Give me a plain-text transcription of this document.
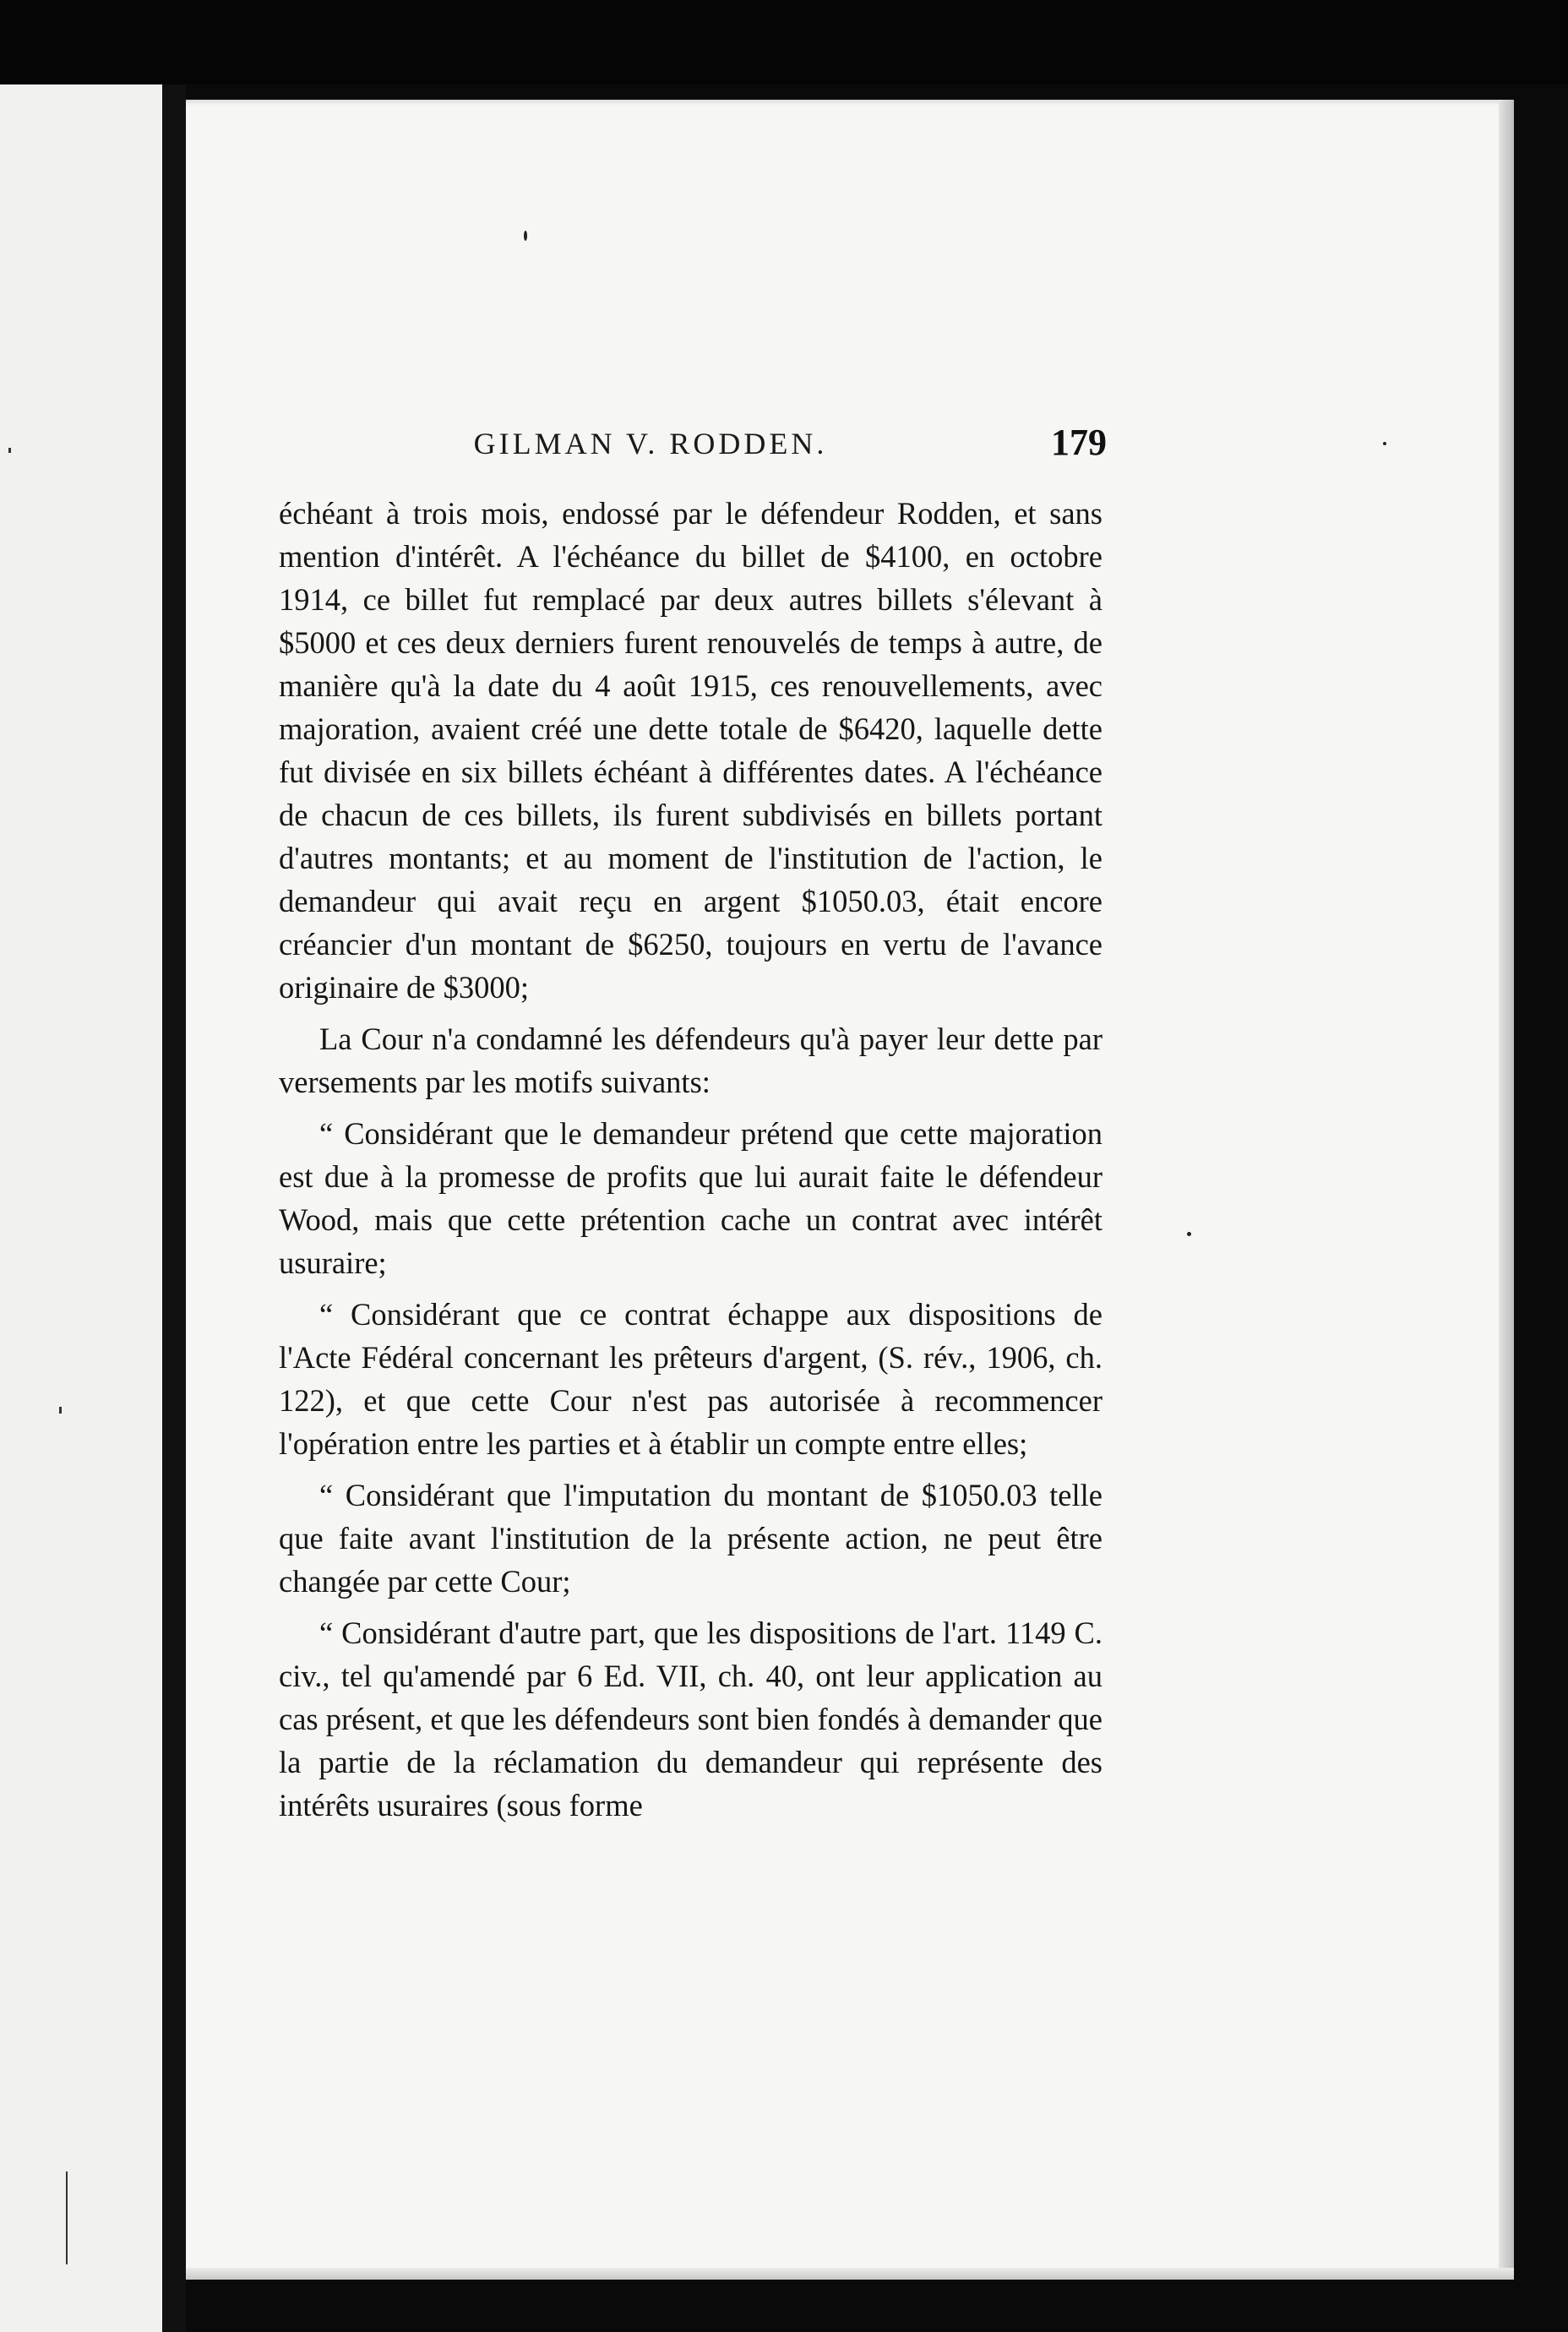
GILMAN V. RODDEN.	179

échéant à trois mois, endossé par le défendeur Rodden, et sans mention d'intérêt. A l'échéance du billet de $4100, en octobre 1914, ce billet fut remplacé par deux autres billets s'élevant à $5000 et ces deux derniers furent renouvelés de temps à autre, de manière qu'à la date du 4 août 1915, ces renouvellements, avec majoration, avaient créé une dette totale de $6420, laquelle dette fut divisée en six billets échéant à différentes dates. A l'échéance de chacun de ces billets, ils furent subdivisés en billets portant d'autres montants; et au moment de l'institution de l'action, le demandeur qui avait reçu en argent $1050.03, était encore créancier d'un montant de $6250, toujours en vertu de l'avance originaire de $3000;

La Cour n'a condamné les défendeurs qu'à payer leur dette par versements par les motifs suivants:

“ Considérant que le demandeur prétend que cette majoration est due à la promesse de profits que lui aurait faite le défendeur Wood, mais que cette prétention cache un contrat avec intérêt usuraire;

“ Considérant que ce contrat échappe aux dispositions de l'Acte Fédéral concernant les prêteurs d'argent, (S. rév., 1906, ch. 122), et que cette Cour n'est pas autorisée à recommencer l'opération entre les parties et à établir un compte entre elles;

“ Considérant que l'imputation du montant de $1050.03 telle que faite avant l'institution de la présente action, ne peut être changée par cette Cour;

“ Considérant d'autre part, que les dispositions de l'art. 1149 C. civ., tel qu'amendé par 6 Ed. VII, ch. 40, ont leur application au cas présent, et que les défendeurs sont bien fondés à demander que la partie de la réclamation du demandeur qui représente des intérêts usuraires (sous forme
